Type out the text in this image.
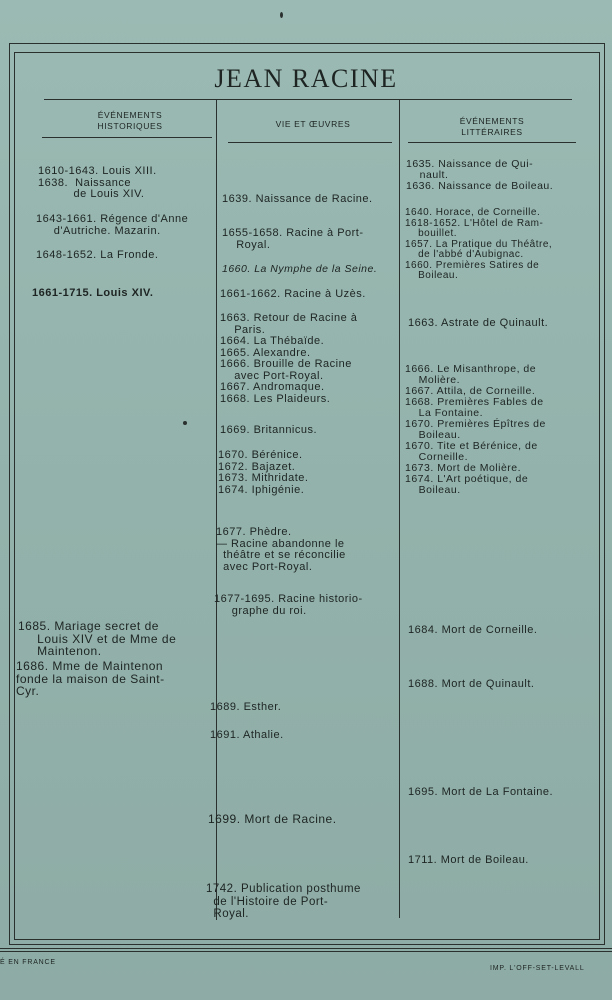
JEAN RACINE
ÉVÉNEMENTS
HISTORIQUES	VIE ET ŒUVRES	ÉVÉNEMENTS
LITTÉRAIRES
1610-1643. Louis XIII.
1638.  Naissance
de Louis XIV.
1643-1661. Régence d'Anne
d'Autriche. Mazarin.
1648-1652. La Fronde.
1661-1715. Louis XIV.
1685. Mariage secret de
Louis XIV et de Mme de
Maintenon.
1686. Mme de Maintenon
fonde la maison de Saint-
Cyr.
1639. Naissance de Racine.
1655-1658. Racine à Port-
Royal.
1660. La Nymphe de la Seine.
1661-1662. Racine à Uzès.
1663. Retour de Racine à
Paris.
1664. La Thébaïde.
1665. Alexandre.
1666. Brouille de Racine
avec Port-Royal.
1667. Andromaque.
1668. Les Plaideurs.
1669. Britannicus.
1670. Bérénice.
1672. Bajazet.
1673. Mithridate.
1674. Iphigénie.
1677. Phèdre.
— Racine abandonne le
théâtre et se réconcilie
avec Port-Royal.
1677-1695. Racine historio-
graphe du roi.
1689. Esther.
1691. Athalie.
1699. Mort de Racine.
1742. Publication posthume
de l'Histoire de Port-
Royal.
1635. Naissance de Qui-
nault.
1636. Naissance de Boileau.
1640. Horace, de Corneille.
1618-1652. L'Hôtel de Ram-
bouillet.
1657. La Pratique du Théâtre,
de l'abbé d'Aubignac.
1660. Premières Satires de
Boileau.
1663. Astrate de Quinault.
1666. Le Misanthrope, de
Molière.
1667. Attila, de Corneille.
1668. Premières Fables de
La Fontaine.
1670. Premières Épîtres de
Boileau.
1670. Tite et Bérénice, de
Corneille.
1673. Mort de Molière.
1674. L'Art poétique, de
Boileau.
1684. Mort de Corneille.
1688. Mort de Quinault.
1695. Mort de La Fontaine.
1711. Mort de Boileau.
É EN FRANCE
IMP. L'OFF-SET-LEVALL
